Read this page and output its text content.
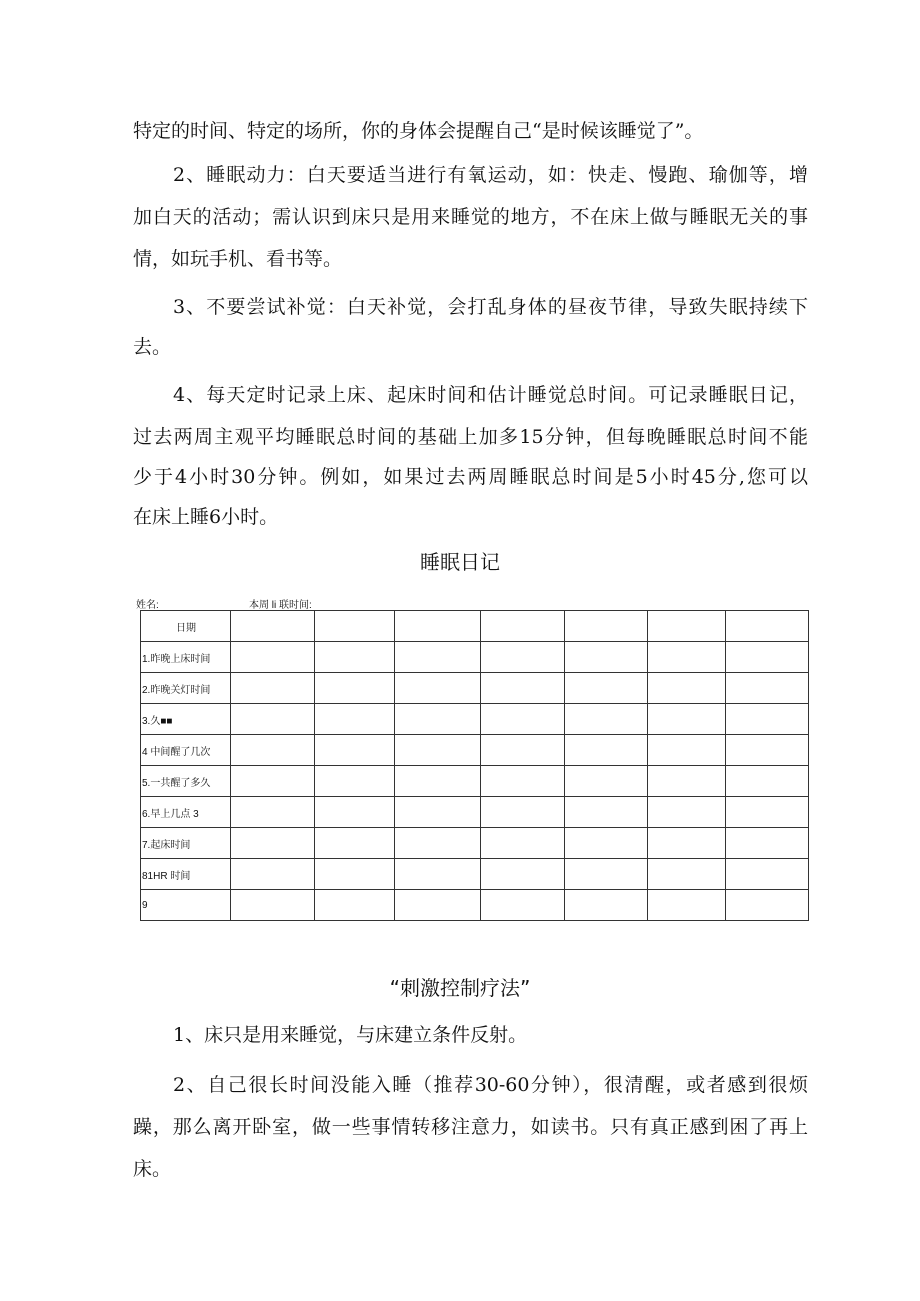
特定的时间、特定的场所，你的身体会提醒自己“是时候该睡觉了”。
2、睡眠动力：白天要适当进行有氧运动，如：快走、慢跑、瑜伽等，增
加白天的活动；需认识到床只是用来睡觉的地方，不在床上做与睡眠无关的事
情，如玩手机、看书等。
3、不要尝试补觉：白天补觉，会打乱身体的昼夜节律，导致失眠持续下
去。
4、每天定时记录上床、起床时间和估计睡觉总时间。可记录睡眠日记，
过去两周主观平均睡眠总时间的基础上加多15分钟，但每晚睡眠总时间不能
少于4小时30分钟。例如，如果过去两周睡眠总时间是5小时45分,您可以
在床上睡6小时。
睡眠日记
姓名:	本周 li 联时间:
日期							
1.昨晚上床时间							
2.昨晚关灯时间							
3.久■■							
4 中间醒了几次							
5.一共醒了多久							
6.早上几点 3							
7.起床时间							
81HR 时间							
9							
“刺激控制疗法”
1、床只是用来睡觉，与床建立条件反射。
2、自己很长时间没能入睡（推荐30-60分钟），很清醒，或者感到很烦
躁，那么离开卧室，做一些事情转移注意力，如读书。只有真正感到困了再上
床。
